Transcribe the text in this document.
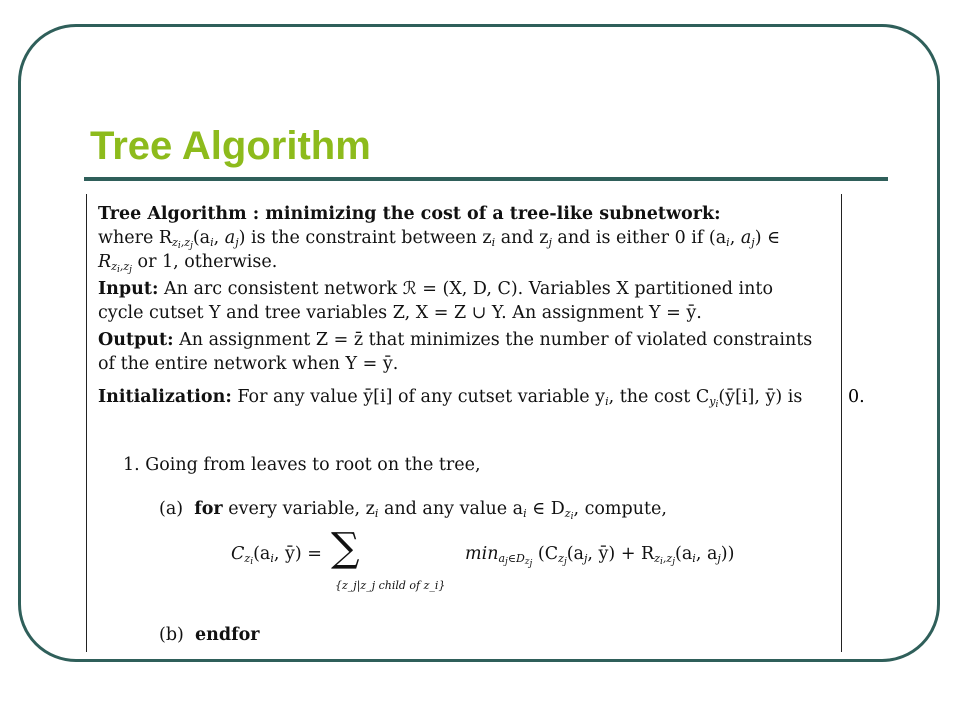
Tree Algorithm
Tree Algorithm : minimizing the cost of a tree-like subnetwork:
where $R_{z_i,z_j}(a_i$, $a_j$) is the constraint between $z_i$ and $z_j$ and is either 0 if ($a_i$, $a_j$) ∈
$R_{z_i,z_j}$ or 1, otherwise.
Input: An arc consistent network ℛ = (X, D, C). Variables X partitioned into
cycle cutset Y and tree variables Z, X = Z ∪ Y. An assignment Y = ȳ.
Output: An assignment Z = z̄ that minimizes the number of violated constraints
of the entire network when Y = ȳ.
Initialization: For any value ȳ[i] of any cutset variable $y_i$, the cost $C_{y_i}(ȳ[i]$, ȳ) is
1. Going from leaves to root on the tree,
(a) for every variable, $z_i$ and any value $a_i$ ∈ $D_{z_i}$, compute,
$C_{z_i}(a_i$, ȳ) = ∑
{z_j|z_j child of z_i}
$\min_{a_j\in D_{z_j}} (C_{z_j}(a_j$, ȳ) + $R_{z_i,z_j}(a_i$, $a_j$))
(b) endfor
0.
